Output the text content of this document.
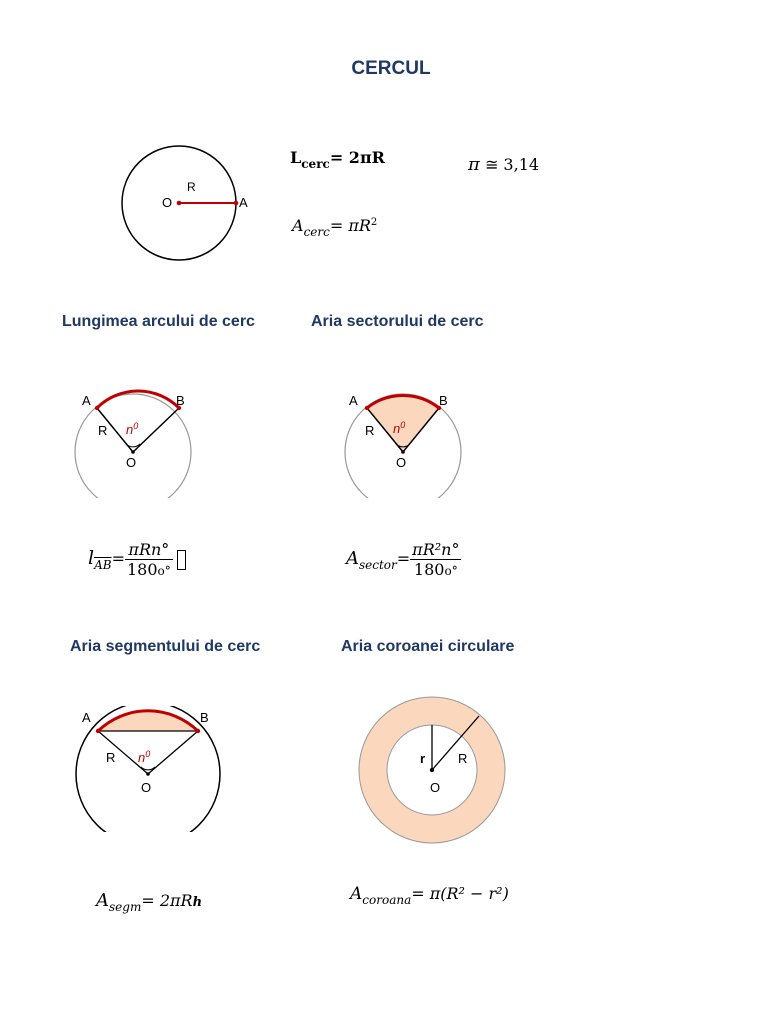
CERCUL
O
R
A
$L_{cerc}= 2\pi R$	π ≅ 3,14
$A_{cerc}= \pi R^2$
Lungimea arcului de cerc
A	B
R
O
$n^0$
$l_{\overline{AB}}= \frac{\text{πRn°}}{180o^\circ}$
Aria sectorului de cerc
A	B
R
O
$n^0$
$A_{sector}= \frac{\text{πR²n°}}{180o^\circ}$
Aria segmentului de cerc
A	B
R
O
$n^0$
$A_{segm}= 2\pi Rh$
Aria coroanei circulare
r	R
O
$A_{coroana}= \pi(R^2 - r^2)$
